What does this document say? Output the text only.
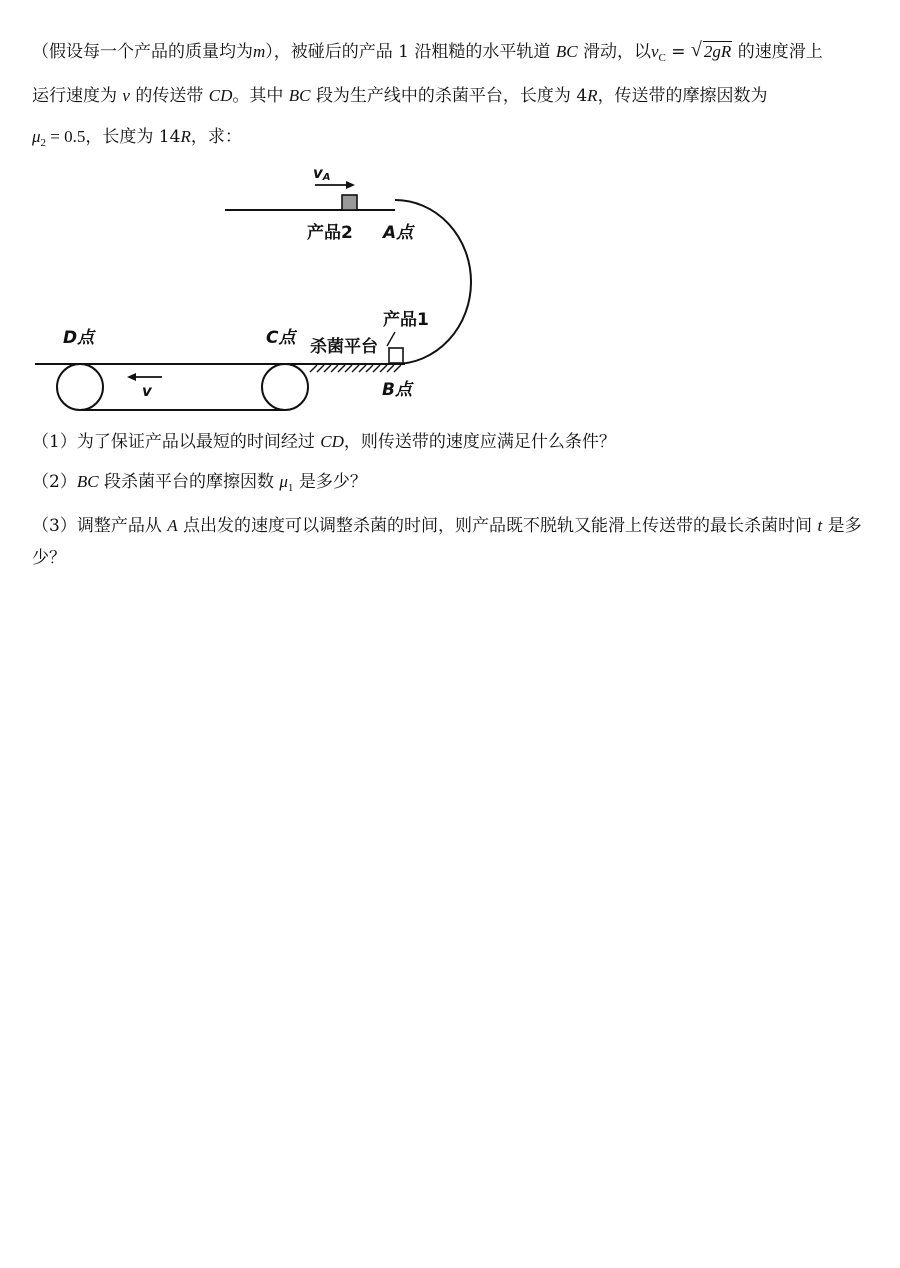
（假设每一个产品的质量均为m），被碰后的产品 1 沿粗糙的水平轨道 BC 滑动，以$v_C$ = √ 2gR 的速度滑上
运行速度为 v 的传送带 CD。其中 BC 段为生产线中的杀菌平台，长度为 4R，传送带的摩擦因数为
$\mu_2 = 0.5$，长度为 14R，求：
vA
产品2 A点
产品1
杀菌平台
B点
C点
D点
v
（1）为了保证产品以最短的时间经过 CD，则传送带的速度应满足什么条件？
（2）BC 段杀菌平台的摩擦因数 $\mu_1$ 是多少？
（3）调整产品从 A 点出发的速度可以调整杀菌的时间，则产品既不脱轨又能滑上传送带的最长杀菌时间 t 是多少？
